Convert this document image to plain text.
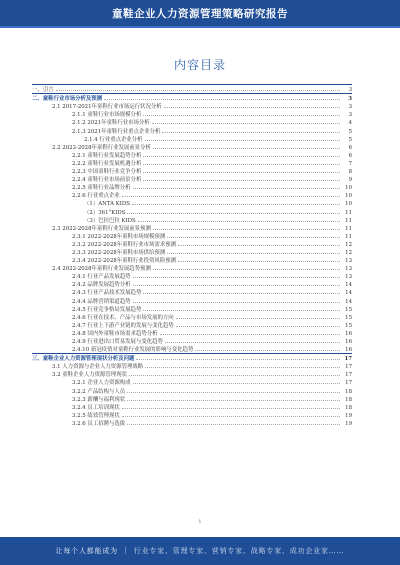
童鞋企业人力资源管理策略研究报告
内容目录
一、引言	3
二、童鞋行业市场分析及预测	3
2.1 2017-2021年童鞋行业市场运行状况分析	3
2.1.1 童鞋行业市场规模分析	3
2.1.2 2021年童鞋行业市场分析	4
2.1.3 2021年童鞋行业重点企业分析	5
2.1.4 行业重点企业分析	5
2.2 2022-2028年童鞋行业发展前景分析	6
2.2.1 童鞋行业发展趋势分析	6
2.2.2 童鞋行业发展机遇分析	7
2.2.3 中国童鞋行业竞争分析	8
2.2.4 童鞋行业市场前景分析	9
2.2.5 童鞋行业品牌分析	10
2.2.6 行业重点企业	10
（1）ANTA KIDS	10
（2）361°KIDS	11
（3）巴拉巴拉 KIDS	11
2.3 2022-2028年童鞋行业发展前景预测	11
2.3.1 2022-2028年童鞋市场规模预测	11
2.3.2 2022-2028年童鞋行业市场需求预测	12
2.3.3 2022-2028年童鞋市场供给预测	12
2.3.4 2022-2028年童鞋行业投资风险预测	13
2.4 2022-2028年童鞋行业发展趋势预测	13
2.4.1 行业产品发展趋势	13
2.4.2 品牌发展趋势分析	14
2.4.3 行业产品技术发展趋势	14
2.4.4 品牌营销渠道趋势	14
2.4.5 行业竞争格局发展趋势	15
2.4.6 行业在技术、产品与市场发展的方向	15
2.4.7 行业上下游产业链的发展与变化趋势	15
2.4.8 国内外童鞋市场需求趋势分析	16
2.4.9 行业进出口贸易发展与变化趋势	16
2.4.10 新冠疫情对童鞋行业发展的影响与变化趋势	16
三、童鞋企业人力资源管理现状分析及问题	17
3.1 人力资源与企业人力资源管理战略	17
3.2 童鞋企业人力资源管理现状	17
3.2.1 企业人力资源构成	17
3.2.2 产品结构与人员	18
3.2.3 薪酬与福利现状	18
3.2.4 员工培训现状	18
3.2.5 绩效管理现状	19
3.2.6 员工招聘与选拔	19
1
让每个人都能成为 ｜ 行业专家、管理专家、营销专家、战略专家、成功企业家……
